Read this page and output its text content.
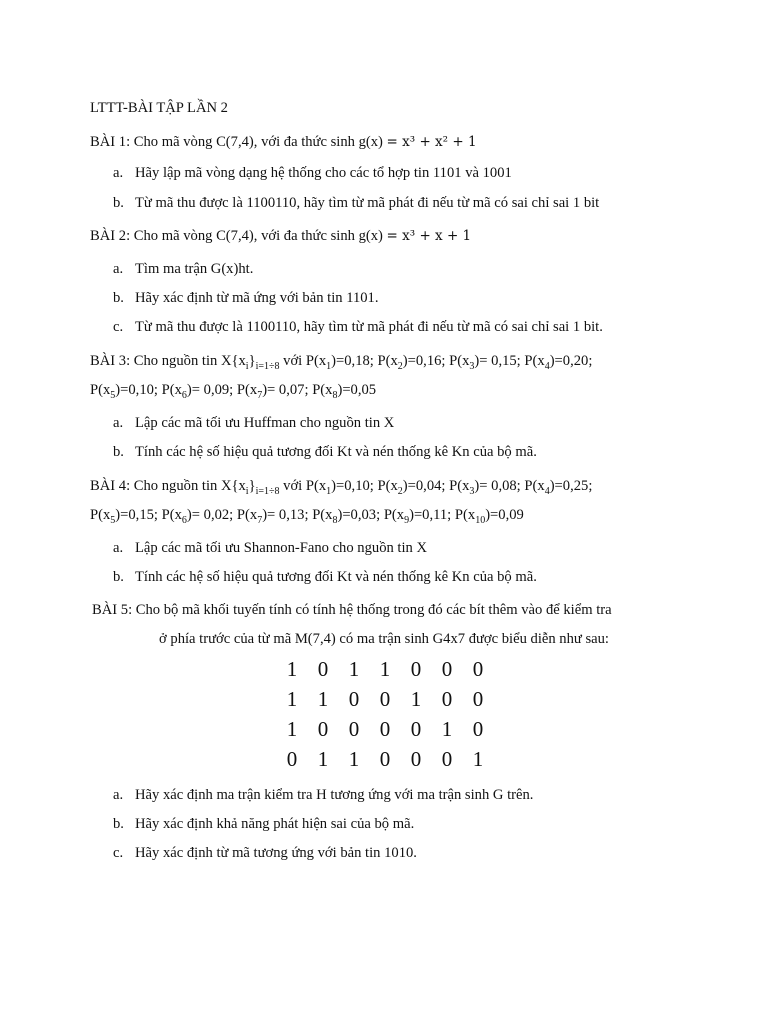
LTTT-BÀI TẬP LẦN 2
BÀI 1: Cho mã vòng C(7,4), với đa thức sinh g(x) = x³ + x² + 1
a. Hãy lập mã vòng dạng hệ thống cho các tổ hợp tin 1101 và 1001
b. Từ mã thu được là 1100110, hãy tìm từ mã phát đi nếu từ mã có sai chỉ sai 1 bit
BÀI 2: Cho mã vòng C(7,4), với đa thức sinh g(x) = x³ + x + 1
a. Tìm ma trận G(x)ht.
b. Hãy xác định từ mã ứng với bản tin 1101.
c. Từ mã thu được là 1100110, hãy tìm từ mã phát đi nếu từ mã có sai chỉ sai 1 bit.
BÀI 3: Cho nguồn tin $X\{x_i\}_{i=1\div 8}$ với $P(x_1)=0,18$; $P(x_2)=0,16$; $P(x_3)= 0,15$; $P(x_4)=0,20$;
$P(x_5)=0,10$; $P(x_6)= 0,09$; $P(x_7)= 0,07$; $P(x_8)=0,05$
a. Lập các mã tối ưu Huffman cho nguồn tin X
b. Tính các hệ số hiệu quả tương đối Kt và nén thống kê Kn của bộ mã.
BÀI 4: Cho nguồn tin $X\{x_i\}_{i=1\div 8}$ với $P(x_1)=0,10$; $P(x_2)=0,04$; $P(x_3)= 0,08$; $P(x_4)=0,25$;
$P(x_5)=0,15$; $P(x_6)= 0,02$; $P(x_7)= 0,13$; $P(x_8)=0,03$; $P(x_9)=0,11$; $P(x_{10})=0,09$
a. Lập các mã tối ưu Shannon-Fano cho nguồn tin X
b. Tính các hệ số hiệu quả tương đối Kt và nén thống kê Kn của bộ mã.
BÀI 5: Cho bộ mã khối tuyến tính có tính hệ thống trong đó các bít thêm vào để kiểm tra
ở phía trước của từ mã M(7,4) có ma trận sinh G4x7 được biểu diễn như sau:
1 0 1 1 0 0 0
1 1 0 0 1 0 0
1 0 0 0 0 1 0
0 1 1 0 0 0 1
a. Hãy xác định ma trận kiểm tra H tương ứng với ma trận sinh G trên.
b. Hãy xác định khả năng phát hiện sai của bộ mã.
c. Hãy xác định từ mã tương ứng với bản tin 1010.
